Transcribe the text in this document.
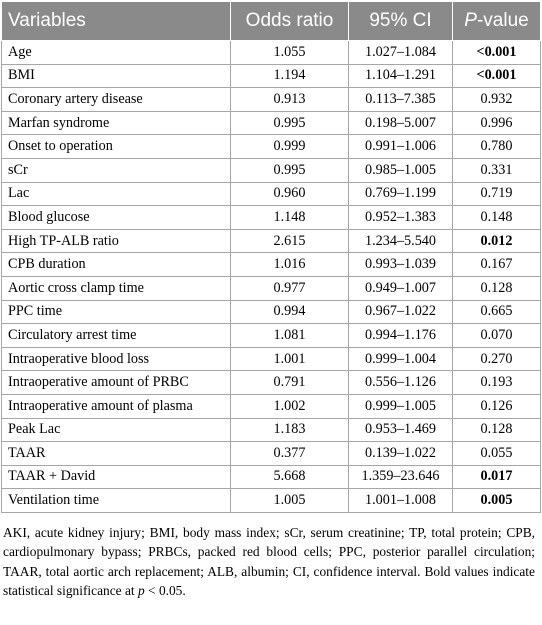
Variables	Odds ratio	95% CI	P-value
Age	1.055	1.027–1.084	<0.001
BMI	1.194	1.104–1.291	<0.001
Coronary artery disease	0.913	0.113–7.385	0.932
Marfan syndrome	0.995	0.198–5.007	0.996
Onset to operation	0.999	0.991–1.006	0.780
sCr	0.995	0.985–1.005	0.331
Lac	0.960	0.769–1.199	0.719
Blood glucose	1.148	0.952–1.383	0.148
High TP-ALB ratio	2.615	1.234–5.540	0.012
CPB duration	1.016	0.993–1.039	0.167
Aortic cross clamp time	0.977	0.949–1.007	0.128
PPC time	0.994	0.967–1.022	0.665
Circulatory arrest time	1.081	0.994–1.176	0.070
Intraoperative blood loss	1.001	0.999–1.004	0.270
Intraoperative amount of PRBC	0.791	0.556–1.126	0.193
Intraoperative amount of plasma	1.002	0.999–1.005	0.126
Peak Lac	1.183	0.953–1.469	0.128
TAAR	0.377	0.139–1.022	0.055
TAAR + David	5.668	1.359–23.646	0.017
Ventilation time	1.005	1.001–1.008	0.005
AKI, acute kidney injury; BMI, body mass index; sCr, serum creatinine; TP, total protein; CPB, cardiopulmonary bypass; PRBCs, packed red blood cells; PPC, posterior parallel circulation; TAAR, total aortic arch replacement; ALB, albumin; CI, confidence interval. Bold values indicate statistical significance at p < 0.05.
